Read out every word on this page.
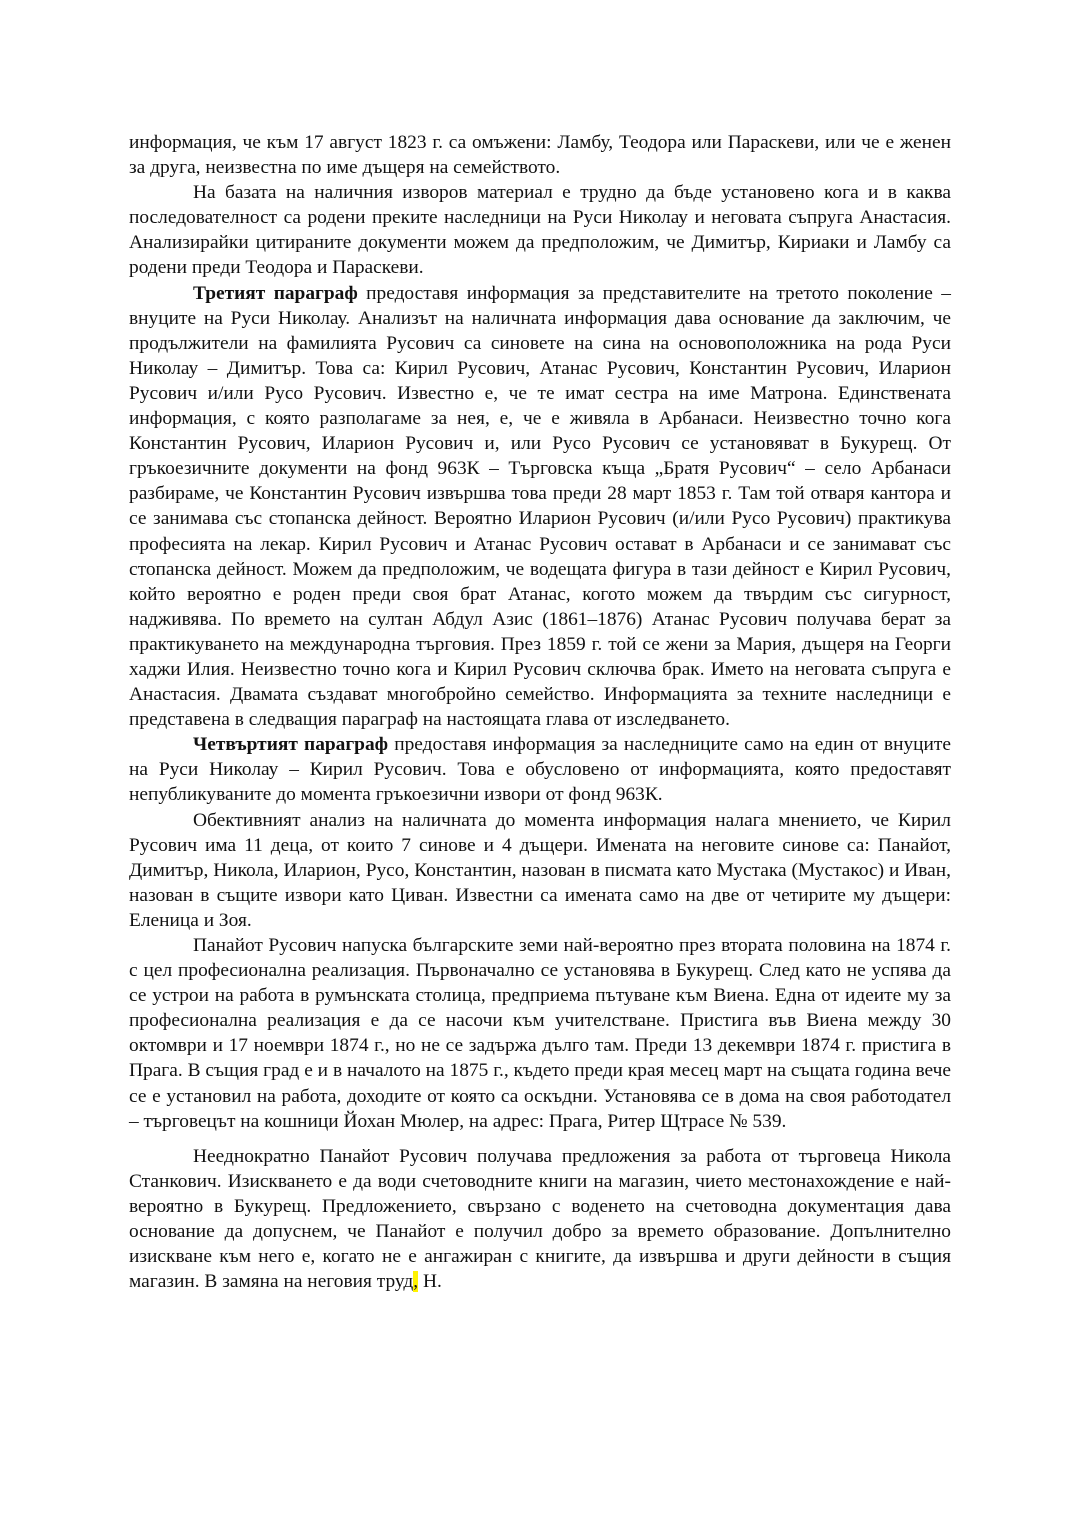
информация, че към 17 август 1823 г. са омъжени: Ламбу, Теодора или Параскеви, или че е женен за друга, неизвестна по име дъщеря на семейството.

На базата на наличния изворов материал е трудно да бъде установено кога и в каква последователност са родени преките наследници на Руси Николау и неговата съпруга Анастасия. Анализирайки цитираните документи можем да предположим, че Димитър, Кириаки и Ламбу са родени преди Теодора и Параскеви.

Третият параграф предоставя информация за представителите на третото поколение – внуците на Руси Николау. Анализът на наличната информация дава основание да заключим, че продължители на фамилията Русович са синовете на сина на основоположника на рода Руси Николау – Димитър. Това са: Кирил Русович, Атанас Русович, Константин Русович, Иларион Русович и/или Русо Русович. Известно е, че те имат сестра на име Матрона. Единствената информация, с която разполагаме за нея, е, че е живяла в Арбанаси. Неизвестно точно кога Константин Русович, Иларион Русович и, или Русо Русович се установяват в Букурещ. От гръкоезичните документи на фонд 963К – Търговска къща „Братя Русович“ – село Арбанаси разбираме, че Константин Русович извършва това преди 28 март 1853 г. Там той отваря кантора и се занимава със стопанска дейност. Вероятно Иларион Русович (и/или Русо Русович) практикува професията на лекар. Кирил Русович и Атанас Русович остават в Арбанаси и се занимават със стопанска дейност. Можем да предположим, че водещата фигура в тази дейност е Кирил Русович, който вероятно е роден преди своя брат Атанас, когото можем да твърдим със сигурност, надживява. По времето на султан Абдул Азис (1861–1876) Атанас Русович получава берат за практикуването на международна търговия. През 1859 г. той се жени за Мария, дъщеря на Георги хаджи Илия. Неизвестно точно кога и Кирил Русович сключва брак. Името на неговата съпруга е Анастасия. Двамата създават многобройно семейство. Информацията за техните наследници е представена в следващия параграф на настоящата глава от изследването.

Четвъртият параграф предоставя информация за наследниците само на един от внуците на Руси Николау – Кирил Русович. Това е обусловено от информацията, която предоставят непубликуваните до момента гръкоезични извори от фонд 963К.

Обективният анализ на наличната до момента информация налага мнението, че Кирил Русович има 11 деца, от които 7 синове и 4 дъщери. Имената на неговите синове са: Панайот, Димитър, Никола, Иларион, Русо, Константин, назован в писмата като Мустака (Мустакос) и Иван, назован в същите извори като Циван. Известни са имената само на две от четирите му дъщери: Еленица и Зоя.

Панайот Русович напуска българските земи най-вероятно през втората половина на 1874 г. с цел професионална реализация. Първоначално се установява в Букурещ. След като не успява да се устрои на работа в румънската столица, предприема пътуване към Виена. Една от идеите му за професионална реализация е да се насочи към учителстване. Пристига във Виена между 30 октомври и 17 ноември 1874 г., но не се задържа дълго там. Преди 13 декември 1874 г. пристига в Прага. В същия град е и в началото на 1875 г., където преди края месец март на същата година вече се е установил на работа, доходите от която са оскъдни. Установява се в дома на своя работодател – търговецът на кошници Йохан Мюлер, на адрес: Прага, Ритер Щтрасе № 539.

Нееднократно Панайот Русович получава предложения за работа от търговеца Никола Станкович. Изискването е да води счетоводните книги на магазин, чието местонахождение е най-вероятно в Букурещ. Предложението, свързано с воденето на счетоводна документация дава основание да допуснем, че Панайот е получил добро за времето образование. Допълнително изискване към него е, когато не е ангажиран с книгите, да извършва и други дейности в същия магазин. В замяна на неговия труд, Н.
